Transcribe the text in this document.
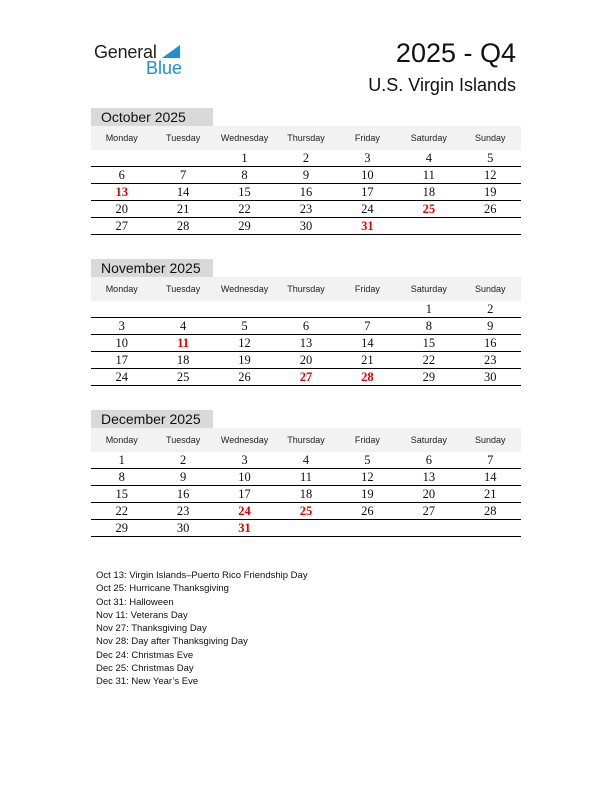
General
Blue	2025 - Q4
U.S. Virgin Islands
October 2025
Monday	Tuesday	Wednesday	Thursday	Friday	Saturday	Sunday
		1	2	3	4	5
6	7	8	9	10	11	12
13	14	15	16	17	18	19
20	21	22	23	24	25	26
27	28	29	30	31		
November 2025
Monday	Tuesday	Wednesday	Thursday	Friday	Saturday	Sunday
					1	2
3	4	5	6	7	8	9
10	11	12	13	14	15	16
17	18	19	20	21	22	23
24	25	26	27	28	29	30
December 2025
Monday	Tuesday	Wednesday	Thursday	Friday	Saturday	Sunday
1	2	3	4	5	6	7
8	9	10	11	12	13	14
15	16	17	18	19	20	21
22	23	24	25	26	27	28
29	30	31				
Oct 13: Virgin Islands–Puerto Rico Friendship Day
Oct 25: Hurricane Thanksgiving
Oct 31: Halloween
Nov 11: Veterans Day
Nov 27: Thanksgiving Day
Nov 28: Day after Thanksgiving Day
Dec 24: Christmas Eve
Dec 25: Christmas Day
Dec 31: New Year’s Eve
